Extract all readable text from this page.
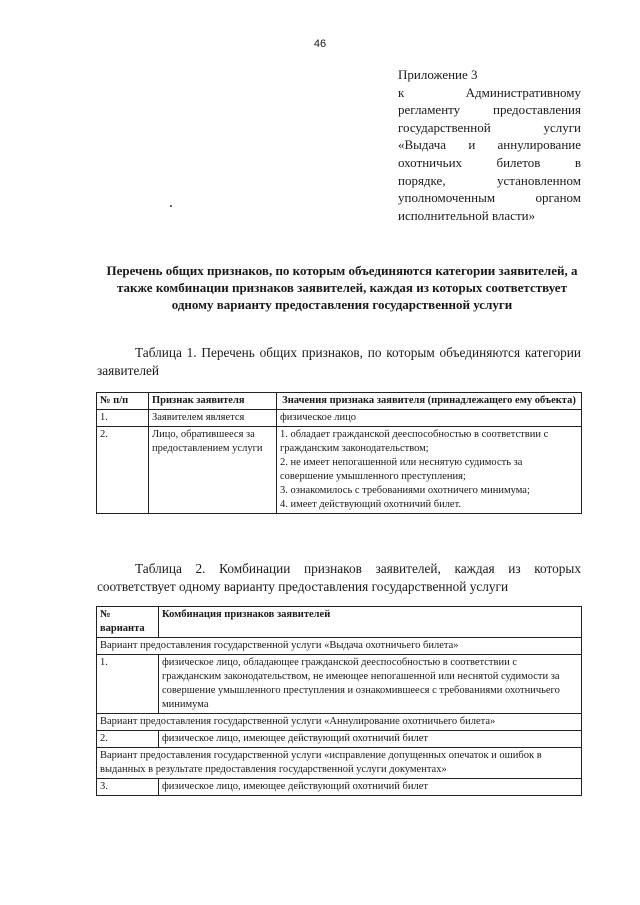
46
Приложение 3
к Административному
регламенту предоставления
государственной услуги
«Выдача и аннулирование
охотничьих билетов в
порядке, установленном
уполномоченным органом
исполнительной власти»
Перечень общих признаков, по которым объединяются категории заявителей, а также комбинации признаков заявителей, каждая из которых соответствует одному варианту предоставления государственной услуги
Таблица 1. Перечень общих признаков, по которым объединяются категории заявителей
№ п/п	Признак заявителя	Значения признака заявителя (принадлежащего ему объекта)
1.	Заявителем является	физическое лицо
2.	Лицо, обратившееся за предоставлением услуги	1. обладает гражданской дееспособностью в соответствии с гражданским законодательством;
2. не имеет непогашенной или неснятую судимость за совершение умышленного преступления;
3. ознакомилось с требованиями охотничего минимума;
4. имеет действующий охотничий билет.
Таблица 2. Комбинации признаков заявителей, каждая из которых соответствует одному варианту предоставления государственной услуги
№ варианта	Комбинация признаков заявителей
Вариант предоставления государственной услуги «Выдача охотничьего билета»	
1.	физическое лицо, обладающее гражданской дееспособностью в соответствии с гражданским законодательством, не имеющее непогашенной или неснятой судимости за совершение умышленного преступления и ознакомившееся с требованиями охотничьего минимума
Вариант предоставления государственной услуги «Аннулирование охотничьего билета»	
2.	физическое лицо, имеющее действующий охотничий билет
Вариант предоставления государственной услуги «исправление допущенных опечаток и ошибок в выданных в результате предоставления государственной услуги документах»	
3.	физическое лицо, имеющее действующий охотничий билет
